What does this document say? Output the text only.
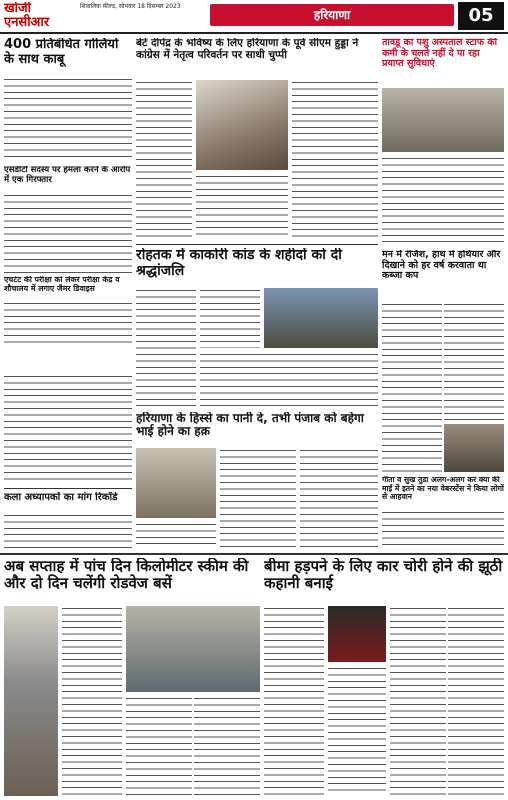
खोजी एनसीआर
शिवालिक फ़ील्ड, सोमवार 18 दिसम्बर 2023
हरियाणा	05
400 प्रतिबंधित गोलियों के साथ काबू
एसडीटी सदस्य पर हमला करने के आरोप में एक गिरफ्तार
एचटेट की परीक्षा को लेकर परीक्षा केंद्र व शौचालय में लगाए जैमर डिवाइस
बेटे दीपेंद्र के भविष्य के लिए हरियाणा के पूर्व सीएम हुड्डा ने कांग्रेस में नेतृत्व परिवर्तन पर साधी चुप्पी
तावडू का पशु अस्पताल स्टाफ की कमी के चलते नहीं दे पा रहा प्रयाप्त सुविधाएं
रोहतक में काकोरी कांड के शहीदों को दी श्रद्धांजलि
मन में रंजिश, हाथ में हथियार और दिखाने को हर वर्ष करवाता था कब्जा कप
हरियाणा के हिस्से का पानी दे, तभी पंजाब को बहेगा भाई होने का हक़
गीता व सुख तुडा अलग-अलग कर क्या की माईं में इतने का नया वेबरस्टेंस ने किया लोगों से आहवान
कला अध्यापकों का मांग रिकॉर्ड
अब सप्ताह में पांच दिन किलोमीटर स्कीम की और दो दिन चलेंगी रोडवेज बसें
बीमा हड़पने के लिए कार चोरी होने की झूठी कहानी बनाई
